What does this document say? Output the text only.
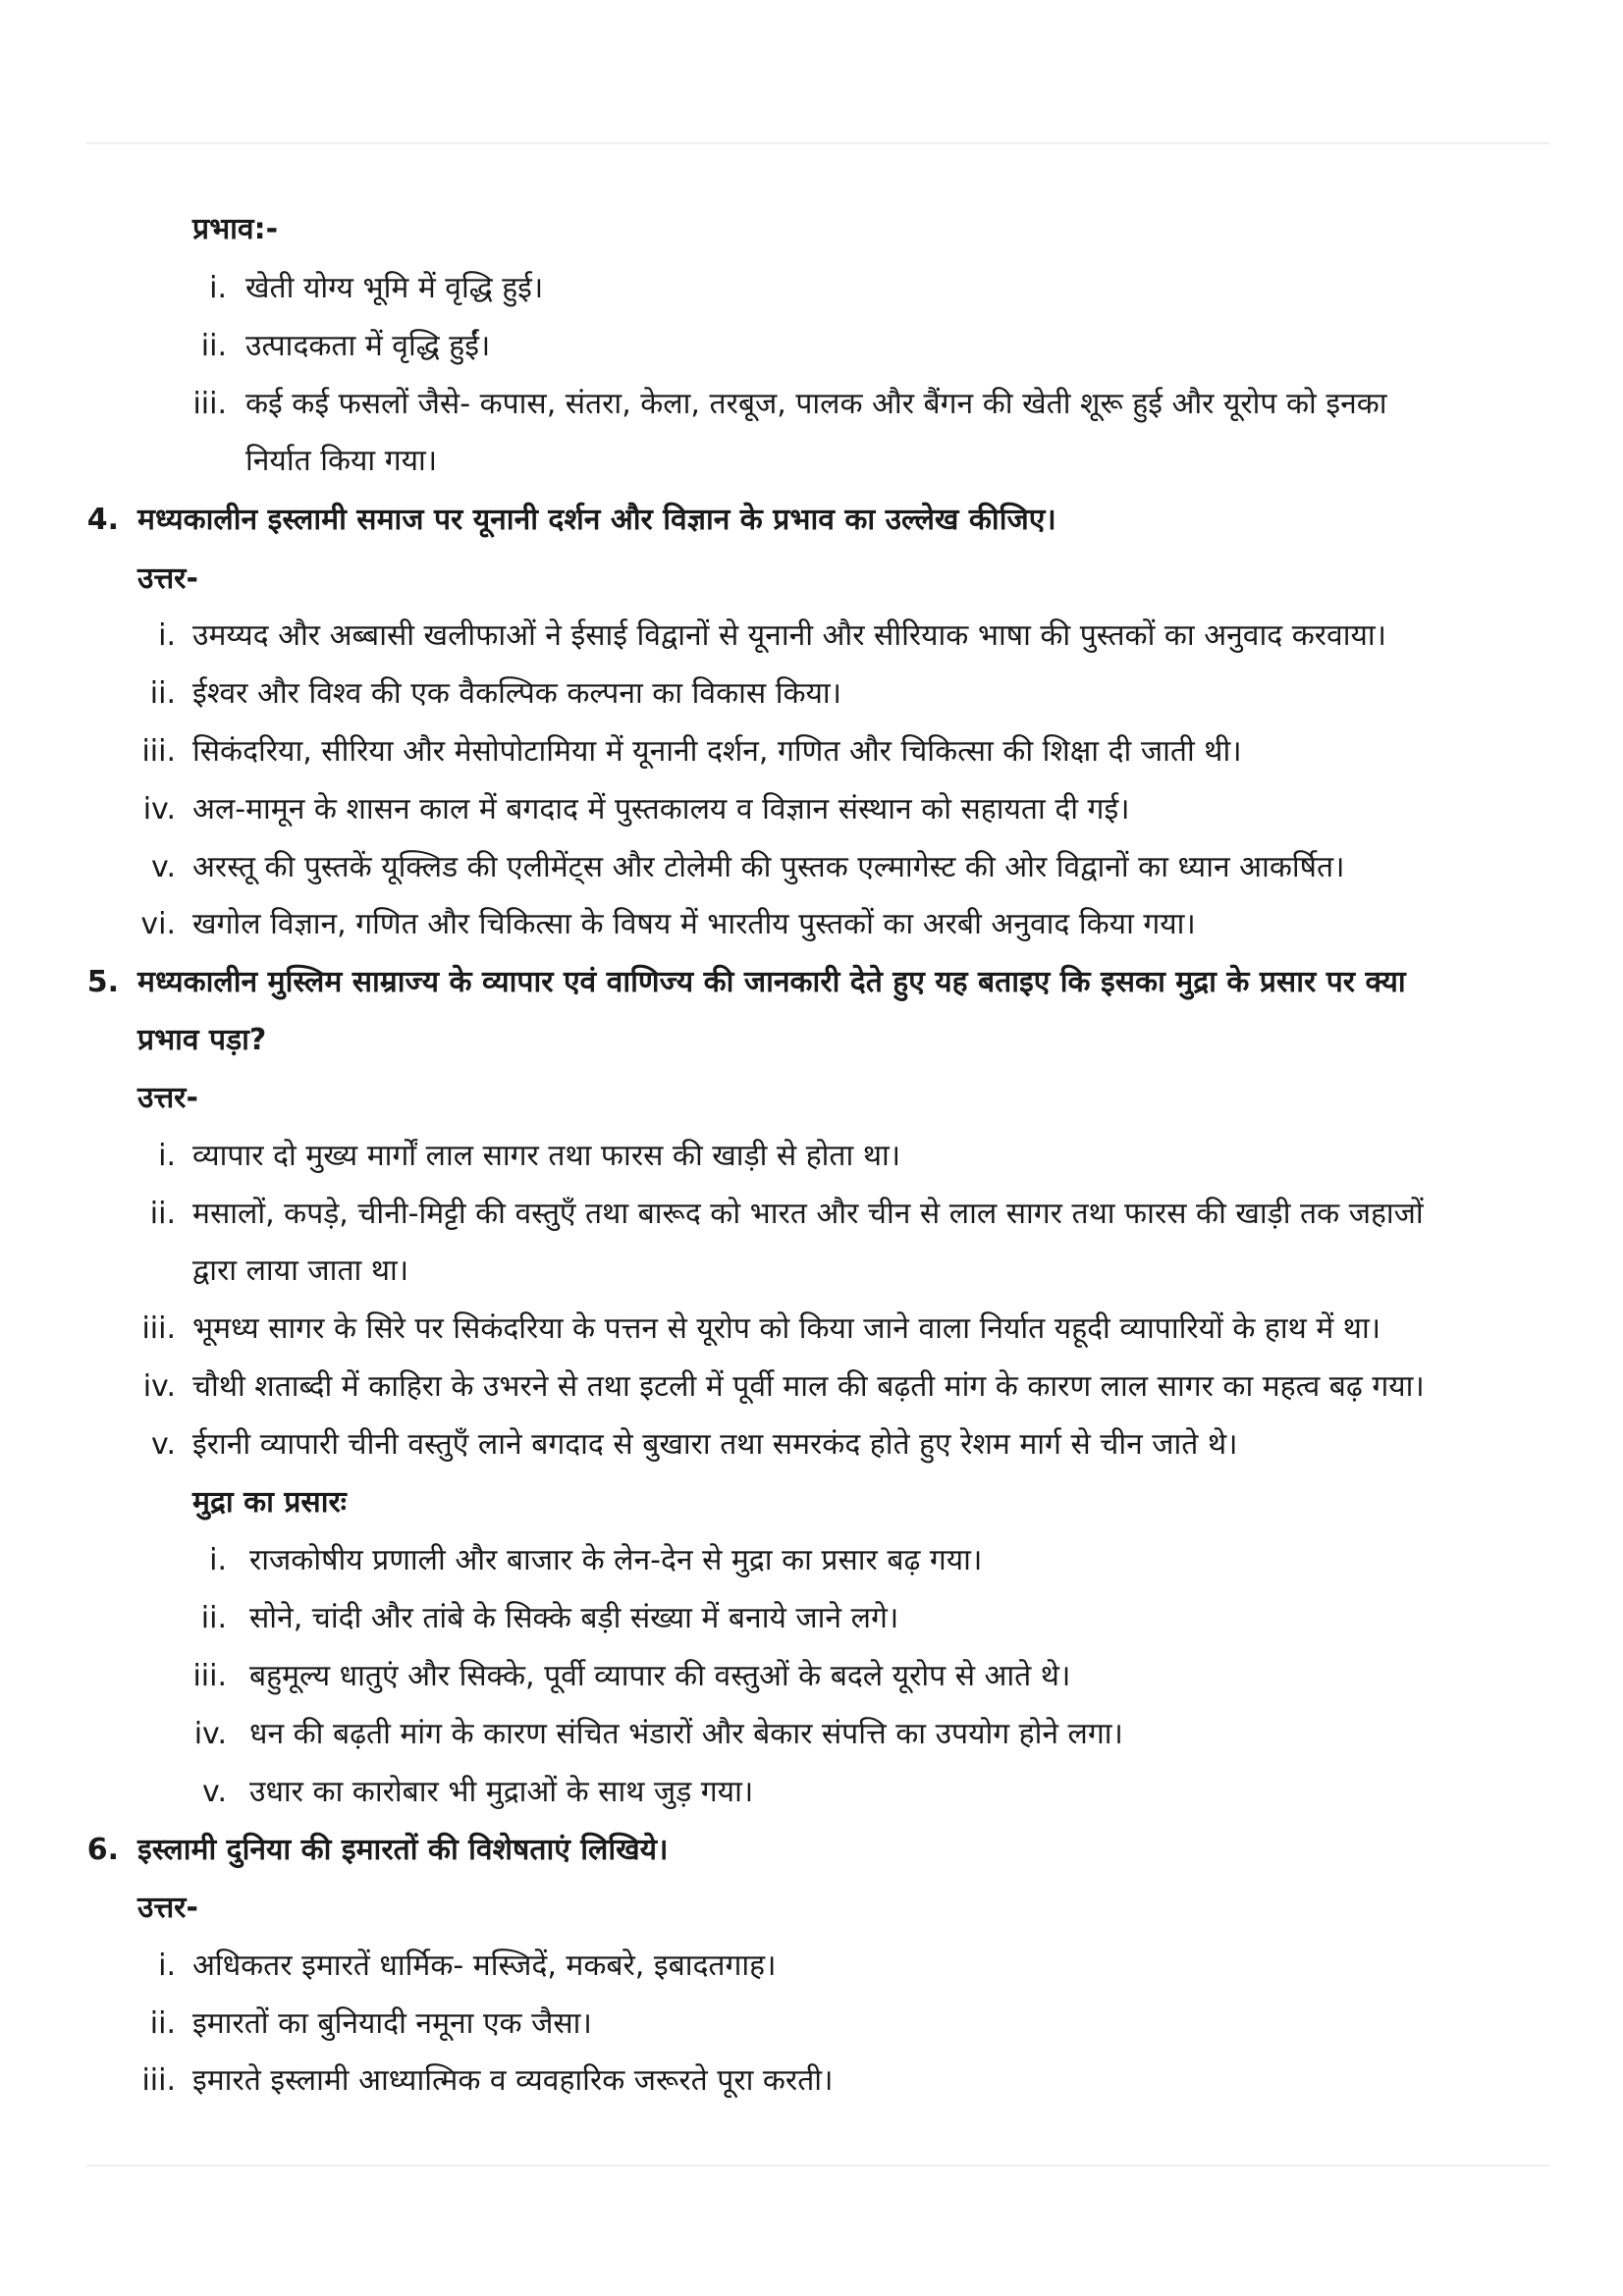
प्रभाव:-
i. खेती योग्य भूमि में वृद्धि हुई।
ii. उत्पादकता में वृद्धि हुईं।
iii. कई कई फसलों जैसे- कपास, संतरा, केला, तरबूज, पालक और बैंगन की खेती शूरू हुई और यूरोप को इनका
निर्यात किया गया।
4. मध्यकालीन इस्लामी समाज पर यूनानी दर्शन और विज्ञान के प्रभाव का उल्लेख कीजिए।
उत्तर-
i. उमय्यद और अब्बासी खलीफाओं ने ईसाई विद्वानों से यूनानी और सीरियाक भाषा की पुस्तकों का अनुवाद करवाया।
ii. ईश्वर और विश्व की एक वैकल्पिक कल्पना का विकास किया।
iii. सिकंदरिया, सीरिया और मेसोपोटामिया में यूनानी दर्शन, गणित और चिकित्सा की शिक्षा दी जाती थी।
iv. अल-मामून के शासन काल में बगदाद में पुस्तकालय व विज्ञान संस्थान को सहायता दी गई।
v. अरस्तू की पुस्तकें यूक्लिड की एलीमेंट्स और टोलेमी की पुस्तक एल्मागेस्ट की ओर विद्वानों का ध्यान आकर्षित।
vi. खगोल विज्ञान, गणित और चिकित्सा के विषय में भारतीय पुस्तकों का अरबी अनुवाद किया गया।
5. मध्यकालीन मुस्लिम साम्राज्य के व्यापार एवं वाणिज्य की जानकारी देते हुए यह बताइए कि इसका मुद्रा के प्रसार पर क्या
प्रभाव पड़ा?
उत्तर-
i. व्यापार दो मुख्य मार्गों लाल सागर तथा फारस की खाड़ी से होता था।
ii. मसालों, कपड़े, चीनी-मिट्टी की वस्तुएँ तथा बारूद को भारत और चीन से लाल सागर तथा फारस की खाड़ी तक जहाजों
द्वारा लाया जाता था।
iii. भूमध्य सागर के सिरे पर सिकंदरिया के पत्तन से यूरोप को किया जाने वाला निर्यात यहूदी व्यापारियों के हाथ में था।
iv. चौथी शताब्दी में काहिरा के उभरने से तथा इटली में पूर्वी माल की बढ़ती मांग के कारण लाल सागर का महत्व बढ़ गया।
v. ईरानी व्यापारी चीनी वस्तुएँ लाने बगदाद से बुखारा तथा समरकंद होते हुए रेशम मार्ग से चीन जाते थे।
मुद्रा का प्रसारः
i. राजकोषीय प्रणाली और बाजार के लेन-देन से मुद्रा का प्रसार बढ़ गया।
ii. सोने, चांदी और तांबे के सिक्के बड़ी संख्या में बनाये जाने लगे।
iii. बहुमूल्य धातुएं और सिक्के, पूर्वी व्यापार की वस्तुओं के बदले यूरोप से आते थे।
iv. धन की बढ़ती मांग के कारण संचित भंडारों और बेकार संपत्ति का उपयोग होने लगा।
v. उधार का कारोबार भी मुद्राओं के साथ जुड़ गया।
6. इस्लामी दुनिया की इमारतों की विशेषताएं लिखिये।
उत्तर-
i. अधिकतर इमारतें धार्मिक- मस्जिदें, मकबरे, इबादतगाह।
ii. इमारतों का बुनियादी नमूना एक जैसा।
iii. इमारते इस्लामी आध्यात्मिक व व्यवहारिक जरूरते पूरा करती।
